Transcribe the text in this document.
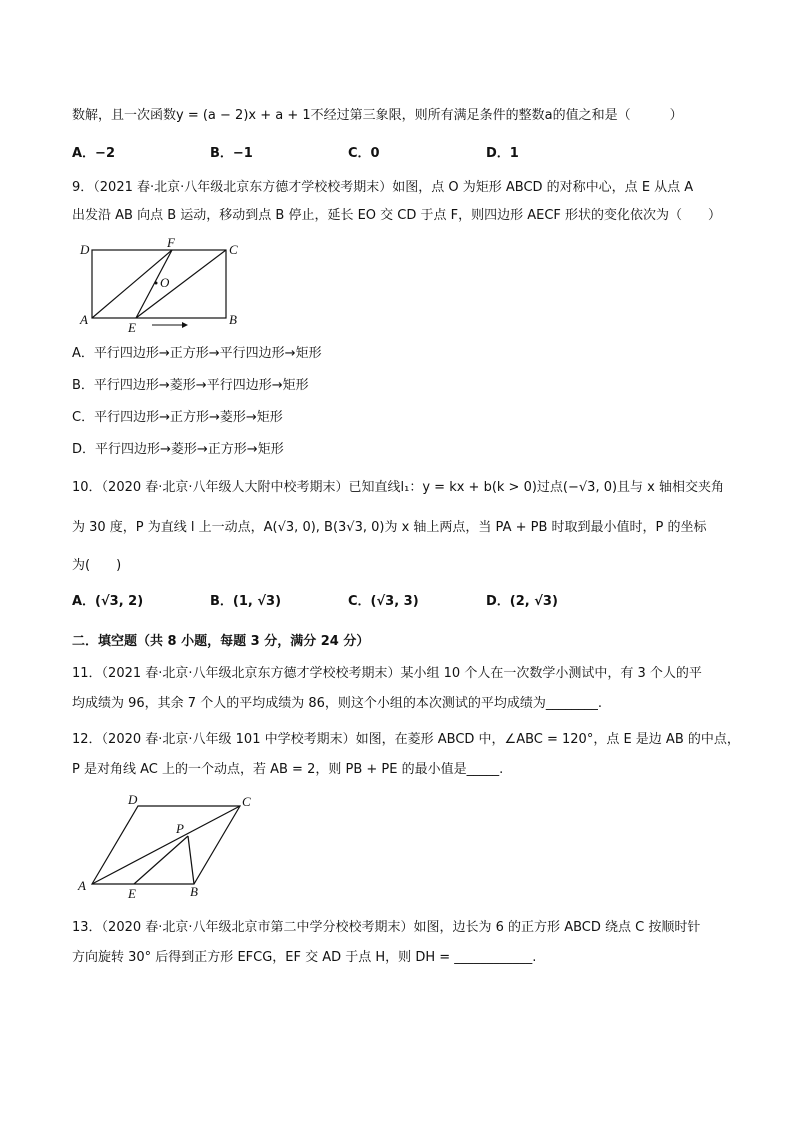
数解，且一次函数y = (a − 2)x + a + 1不经过第三象限，则所有满足条件的整数a的值之和是（　　　）
A．−2	B．−1	C．0	D．1
9．（2021 春·北京·八年级北京东方德才学校校考期末）如图，点 O 为矩形 ABCD 的对称中心，点 E 从点 A
出发沿 AB 向点 B 运动，移动到点 B 停止，延长 EO 交 CD 于点 F，则四边形 AECF 形状的变化依次为（　　）
D	F	C
O
A
E
B
A．平行四边形→正方形→平行四边形→矩形
B．平行四边形→菱形→平行四边形→矩形
C．平行四边形→正方形→菱形→矩形
D．平行四边形→菱形→正方形→矩形
10．（2020 春·北京·八年级人大附中校考期末）已知直线l₁：y = kx + b(k > 0)过点(−√3, 0)且与 x 轴相交夹角
为 30 度，P 为直线 l 上一动点，A(√3, 0), B(3√3, 0)为 x 轴上两点，当 PA + PB 时取到最小值时，P 的坐标
为(　　)
A．(√3, 2)	B．(1, √3)	C．(√3, 3)	D．(2, √3)
二．填空题（共 8 小题，每题 3 分，满分 24 分）
11．（2021 春·北京·八年级北京东方德才学校校考期末）某小组 10 个人在一次数学小测试中，有 3 个人的平
均成绩为 96，其余 7 个人的平均成绩为 86，则这个小组的本次测试的平均成绩为________.
12．（2020 春·北京·八年级 101 中学校考期末）如图，在菱形 ABCD 中，∠ABC = 120°，点 E 是边 AB 的中点，
P 是对角线 AC 上的一个动点，若 AB = 2，则 PB + PE 的最小值是_____.
D	C
P
A
E	B
13．（2020 春·北京·八年级北京市第二中学分校校考期末）如图，边长为 6 的正方形 ABCD 绕点 C 按顺时针
方向旋转 30° 后得到正方形 EFCG，EF 交 AD 于点 H，则 DH = ____________.
